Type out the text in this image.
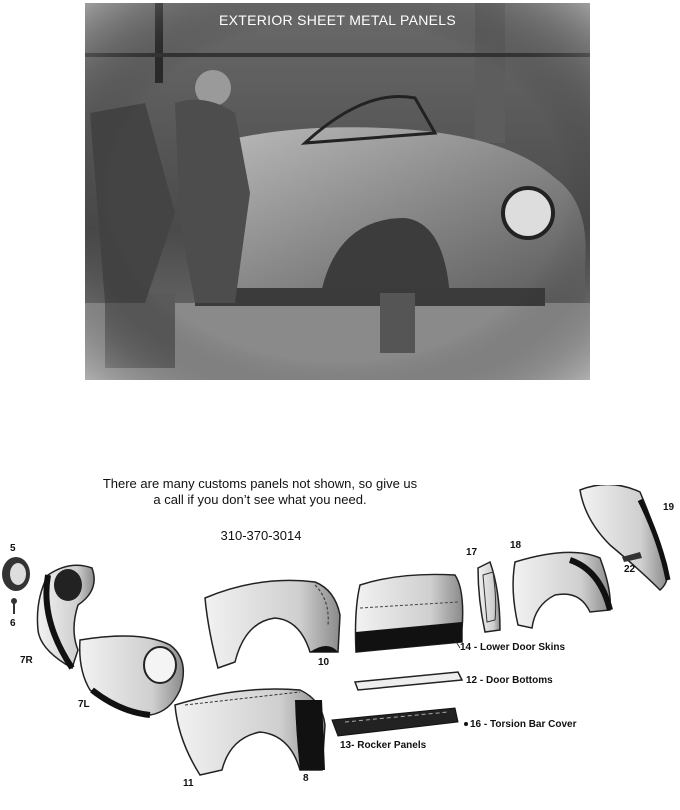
EXTERIOR SHEET METAL PANELS
There are many customs panels not shown, so give us a call if you don’t see what you need.
310-370-3014
5
6
7R
7L
10
11	8
17
18
19
22
14 - Lower Door Skins
12 - Door Bottoms
16 - Torsion Bar Cover
13- Rocker Panels
